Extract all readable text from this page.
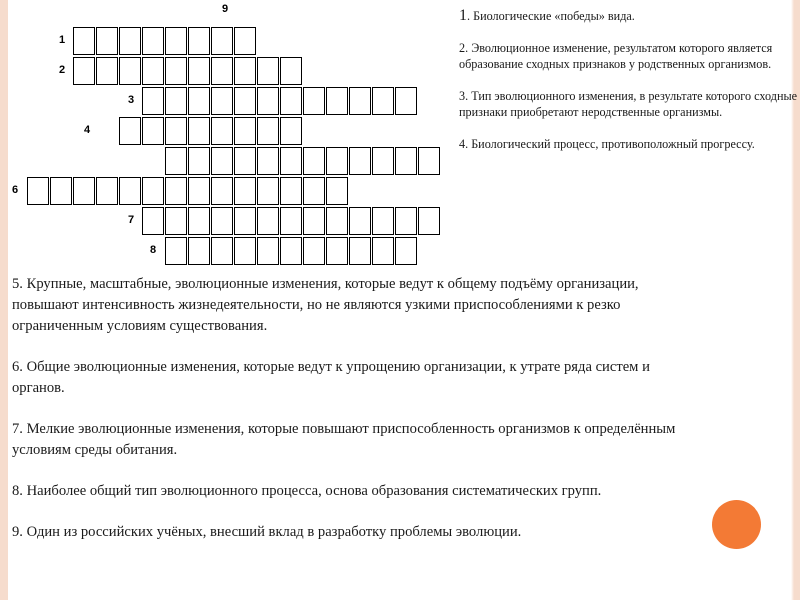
9
1
2
3
4
6
7
8

1. Биологические «победы» вида.

2. Эволюционное изменение, результатом которого является образование сходных признаков у родственных организмов.

3. Тип эволюционного изменения, в результате которого сходные признаки приобретают неродственные организмы.

4. Биологический процесс, противоположный прогрессу.

5. Крупные, масштабные, эволюционные изменения, которые ведут к общему подъёму организации, повышают интенсивность жизнедеятельности, но не являются узкими приспособлениями к резко ограниченным условиям существования.

6. Общие эволюционные изменения, которые ведут к упрощению организации, к утрате ряда систем и органов.

7. Мелкие эволюционные изменения, которые повышают приспособленность организмов к определённым условиям среды обитания.

8. Наиболее общий тип эволюционного процесса, основа образования систематических групп.

9. Один из российских учёных, внесший вклад в разработку проблемы эволюции.
